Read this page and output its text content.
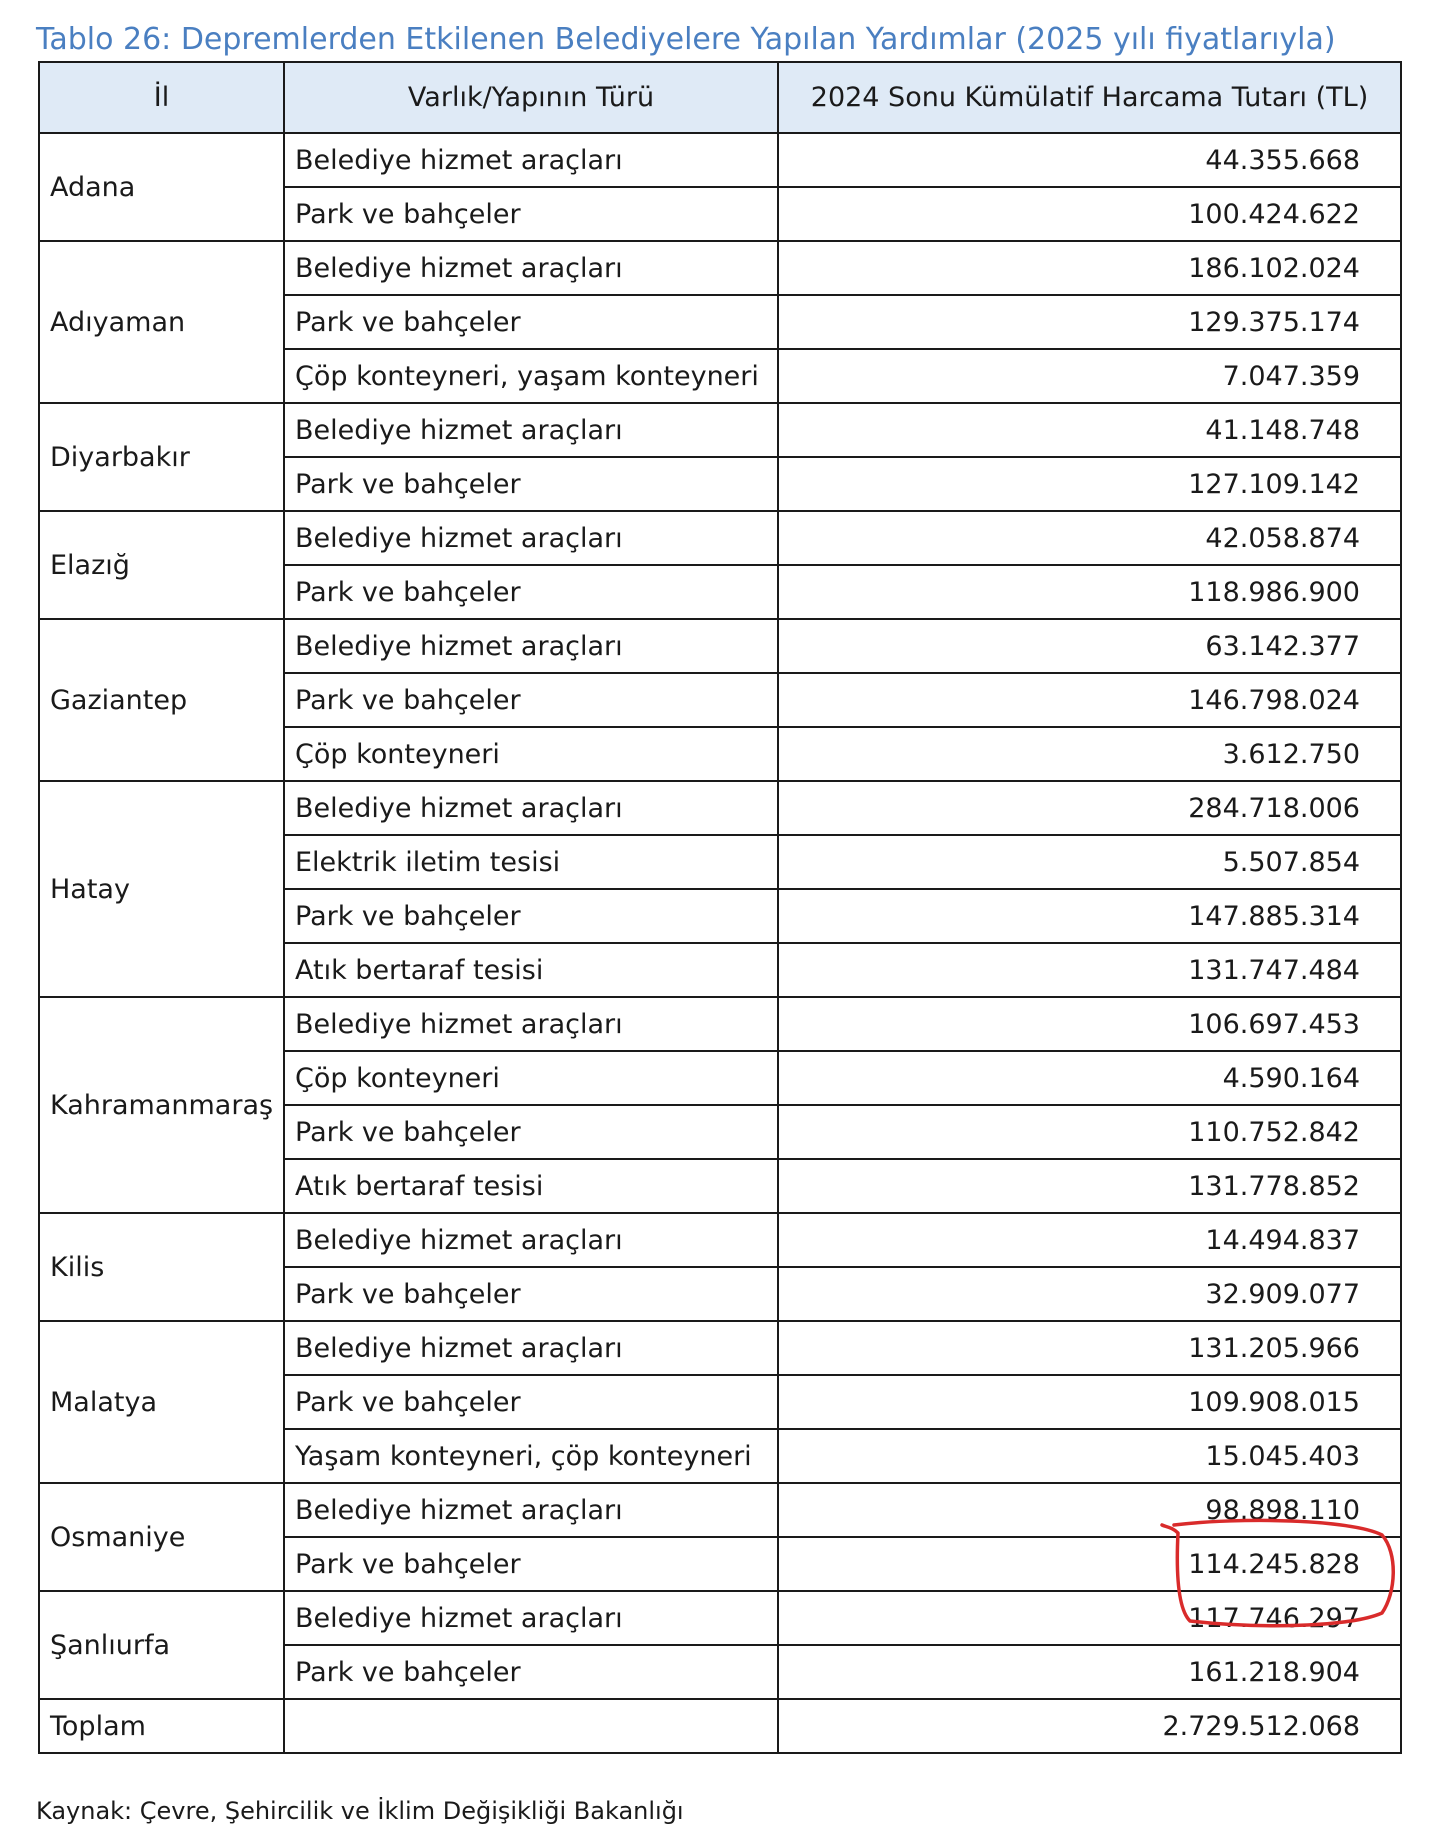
Tablo 26: Depremlerden Etkilenen Belediyelere Yapılan Yardımlar (2025 yılı fiyatlarıyla)
İl	Varlık/Yapının Türü	2024 Sonu Kümülatif Harcama Tutarı (TL)
Adana	Belediye hizmet araçları	44.355.668
	Park ve bahçeler	100.424.622
Adıyaman	Belediye hizmet araçları	186.102.024
	Park ve bahçeler	129.375.174
	Çöp konteyneri, yaşam konteyneri	7.047.359
Diyarbakır	Belediye hizmet araçları	41.148.748
	Park ve bahçeler	127.109.142
Elazığ	Belediye hizmet araçları	42.058.874
	Park ve bahçeler	118.986.900
Gaziantep	Belediye hizmet araçları	63.142.377
	Park ve bahçeler	146.798.024
	Çöp konteyneri	3.612.750
Hatay	Belediye hizmet araçları	284.718.006
	Elektrik iletim tesisi	5.507.854
	Park ve bahçeler	147.885.314
	Atık bertaraf tesisi	131.747.484
Kahramanmaraş	Belediye hizmet araçları	106.697.453
	Çöp konteyneri	4.590.164
	Park ve bahçeler	110.752.842
	Atık bertaraf tesisi	131.778.852
Kilis	Belediye hizmet araçları	14.494.837
	Park ve bahçeler	32.909.077
Malatya	Belediye hizmet araçları	131.205.966
	Park ve bahçeler	109.908.015
	Yaşam konteyneri, çöp konteyneri	15.045.403
Osmaniye	Belediye hizmet araçları	98.898.110
	Park ve bahçeler	114.245.828
Şanlıurfa	Belediye hizmet araçları	117.746.297
	Park ve bahçeler	161.218.904
Toplam		2.729.512.068
Kaynak: Çevre, Şehircilik ve İklim Değişikliği Bakanlığı
